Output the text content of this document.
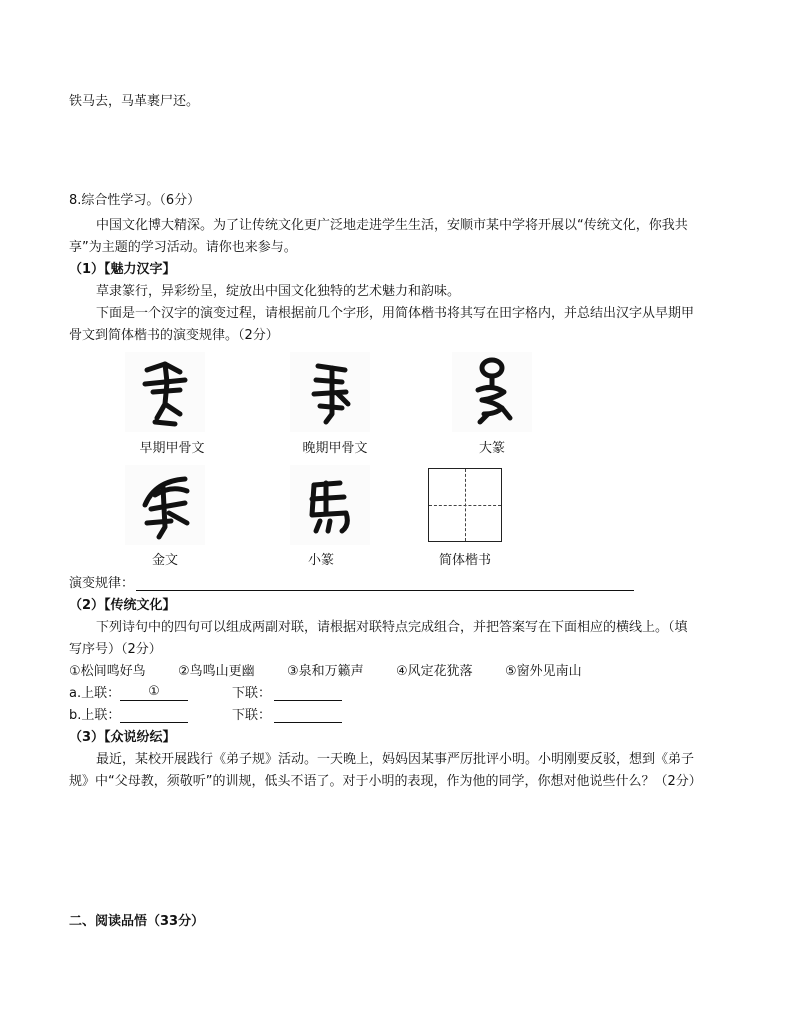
铁马去，马革裹尸还。
8.综合性学习。（6分）
中国文化博大精深。为了让传统文化更广泛地走进学生生活，安顺市某中学将开展以“传统文化，你我共
享”为主题的学习活动。请你也来参与。
（1）【魅力汉字】
草隶篆行，异彩纷呈，绽放出中国文化独特的艺术魅力和韵味。
下面是一个汉字的演变过程，请根据前几个字形，用简体楷书将其写在田字格内，并总结出汉字从早期甲
骨文到简体楷书的演变规律。（2分）
早期甲骨文	晚期甲骨文	大篆
金文	小篆	简体楷书
演变规律：
（2）【传统文化】
下列诗句中的四句可以组成两副对联，请根据对联特点完成组合，并把答案写在下面相应的横线上。（填
写序号）（2分）
①松间鸣好鸟 ②鸟鸣山更幽 ③泉和万籁声 ④风定花犹落 ⑤窗外见南山
a.上联：	①	下联：
b.上联：	下联：
（3）【众说纷纭】
最近，某校开展践行《弟子规》活动。一天晚上，妈妈因某事严厉批评小明。小明刚要反驳，想到《弟子
规》中“父母教，须敬听”的训规，低头不语了。对于小明的表现，作为他的同学，你想对他说些什么？（2分）
二、阅读品悟（33分）
